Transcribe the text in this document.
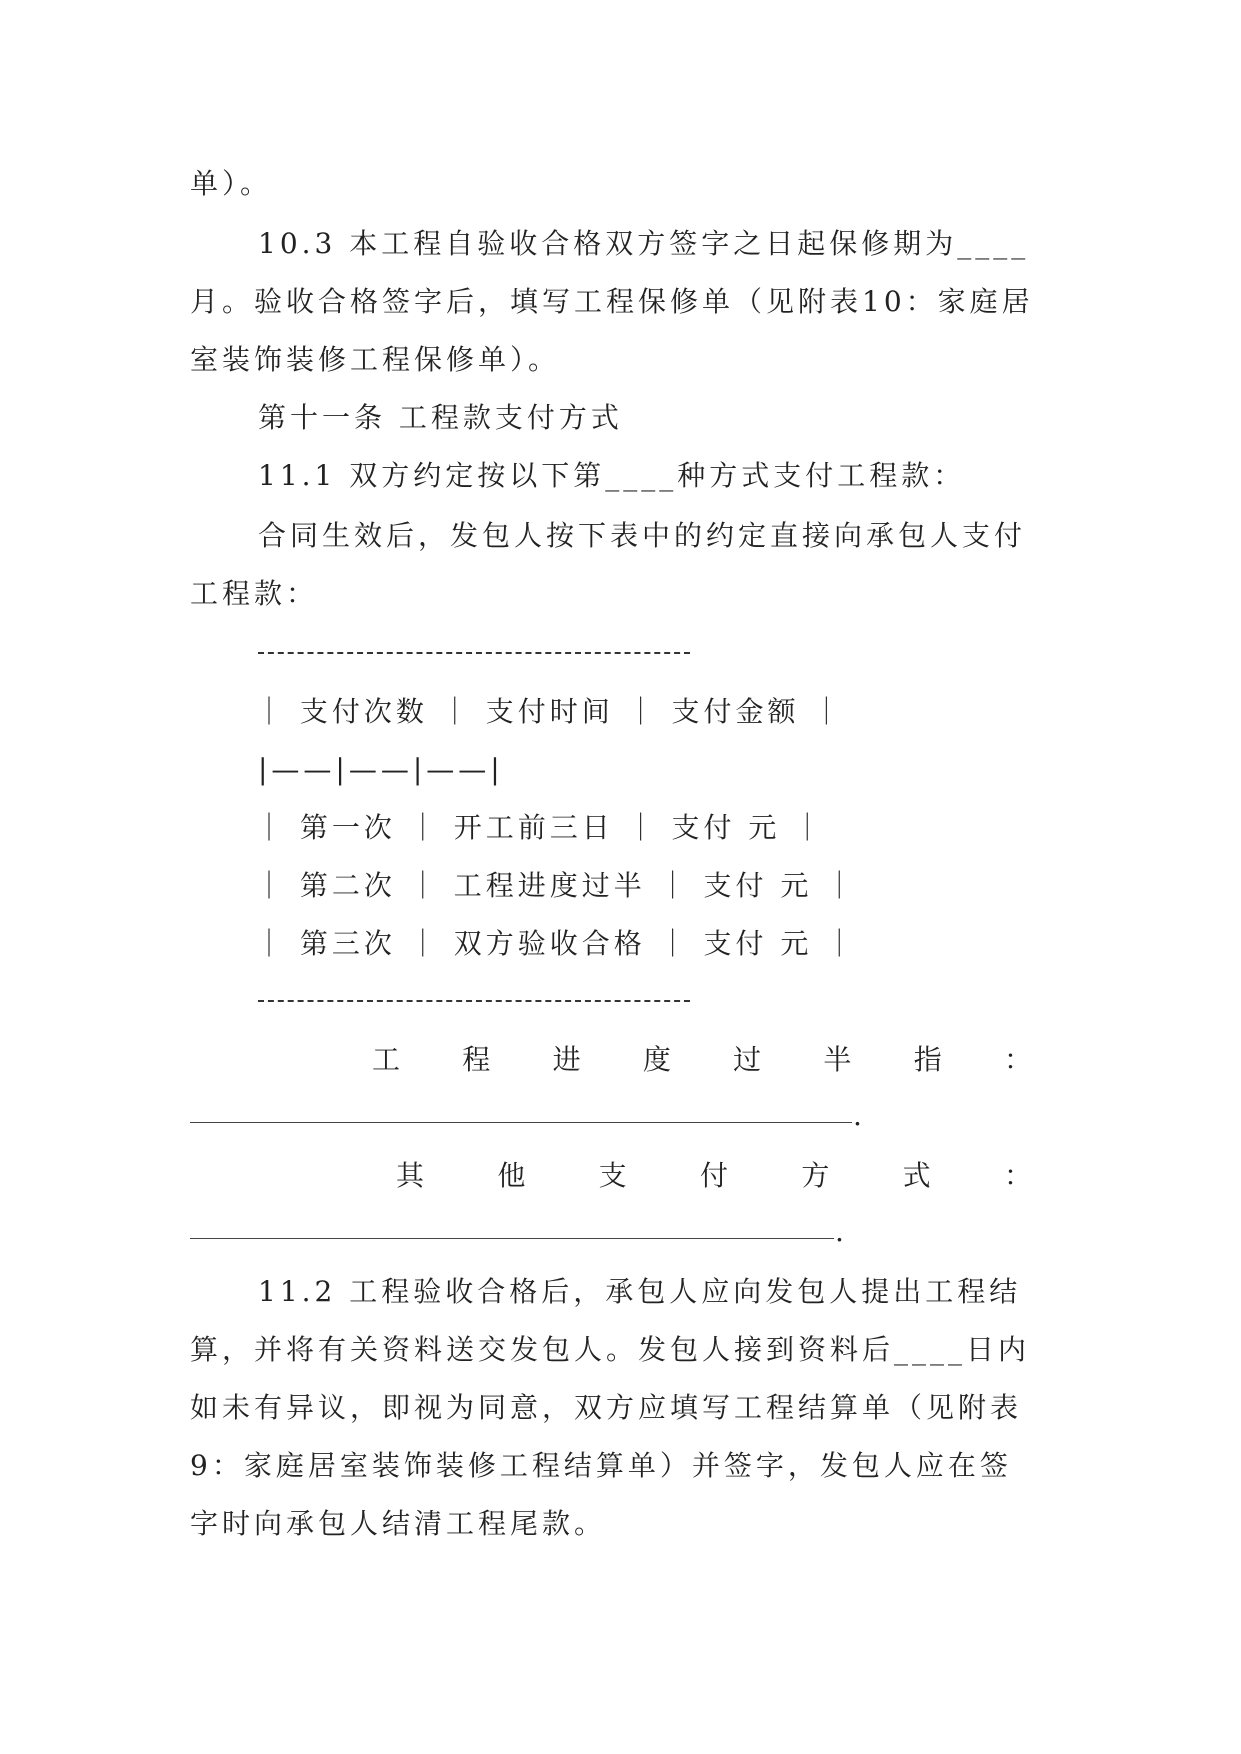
单）。
10.3 本工程自验收合格双方签字之日起保修期为____
月。验收合格签字后，填写工程保修单（见附表10：家庭居
室装饰装修工程保修单）。
第十一条 工程款支付方式
11.1 双方约定按以下第____种方式支付工程款：
合同生效后，发包人按下表中的约定直接向承包人支付
工程款：
｜ 支付次数 ｜ 支付时间 ｜ 支付金额 ｜
|——|——|——|
｜ 第一次 ｜ 开工前三日 ｜ 支付 元 ｜
｜ 第二次 ｜ 工程进度过半 ｜ 支付 元 ｜
｜ 第三次 ｜ 双方验收合格 ｜ 支付 元 ｜
工 程 进 度 过 半 指 ：
.
其	他	支	付	方	式	：
.
11.2 工程验收合格后，承包人应向发包人提出工程结
算，并将有关资料送交发包人。发包人接到资料后____日内
如未有异议，即视为同意，双方应填写工程结算单（见附表
9：家庭居室装饰装修工程结算单）并签字，发包人应在签
字时向承包人结清工程尾款。
